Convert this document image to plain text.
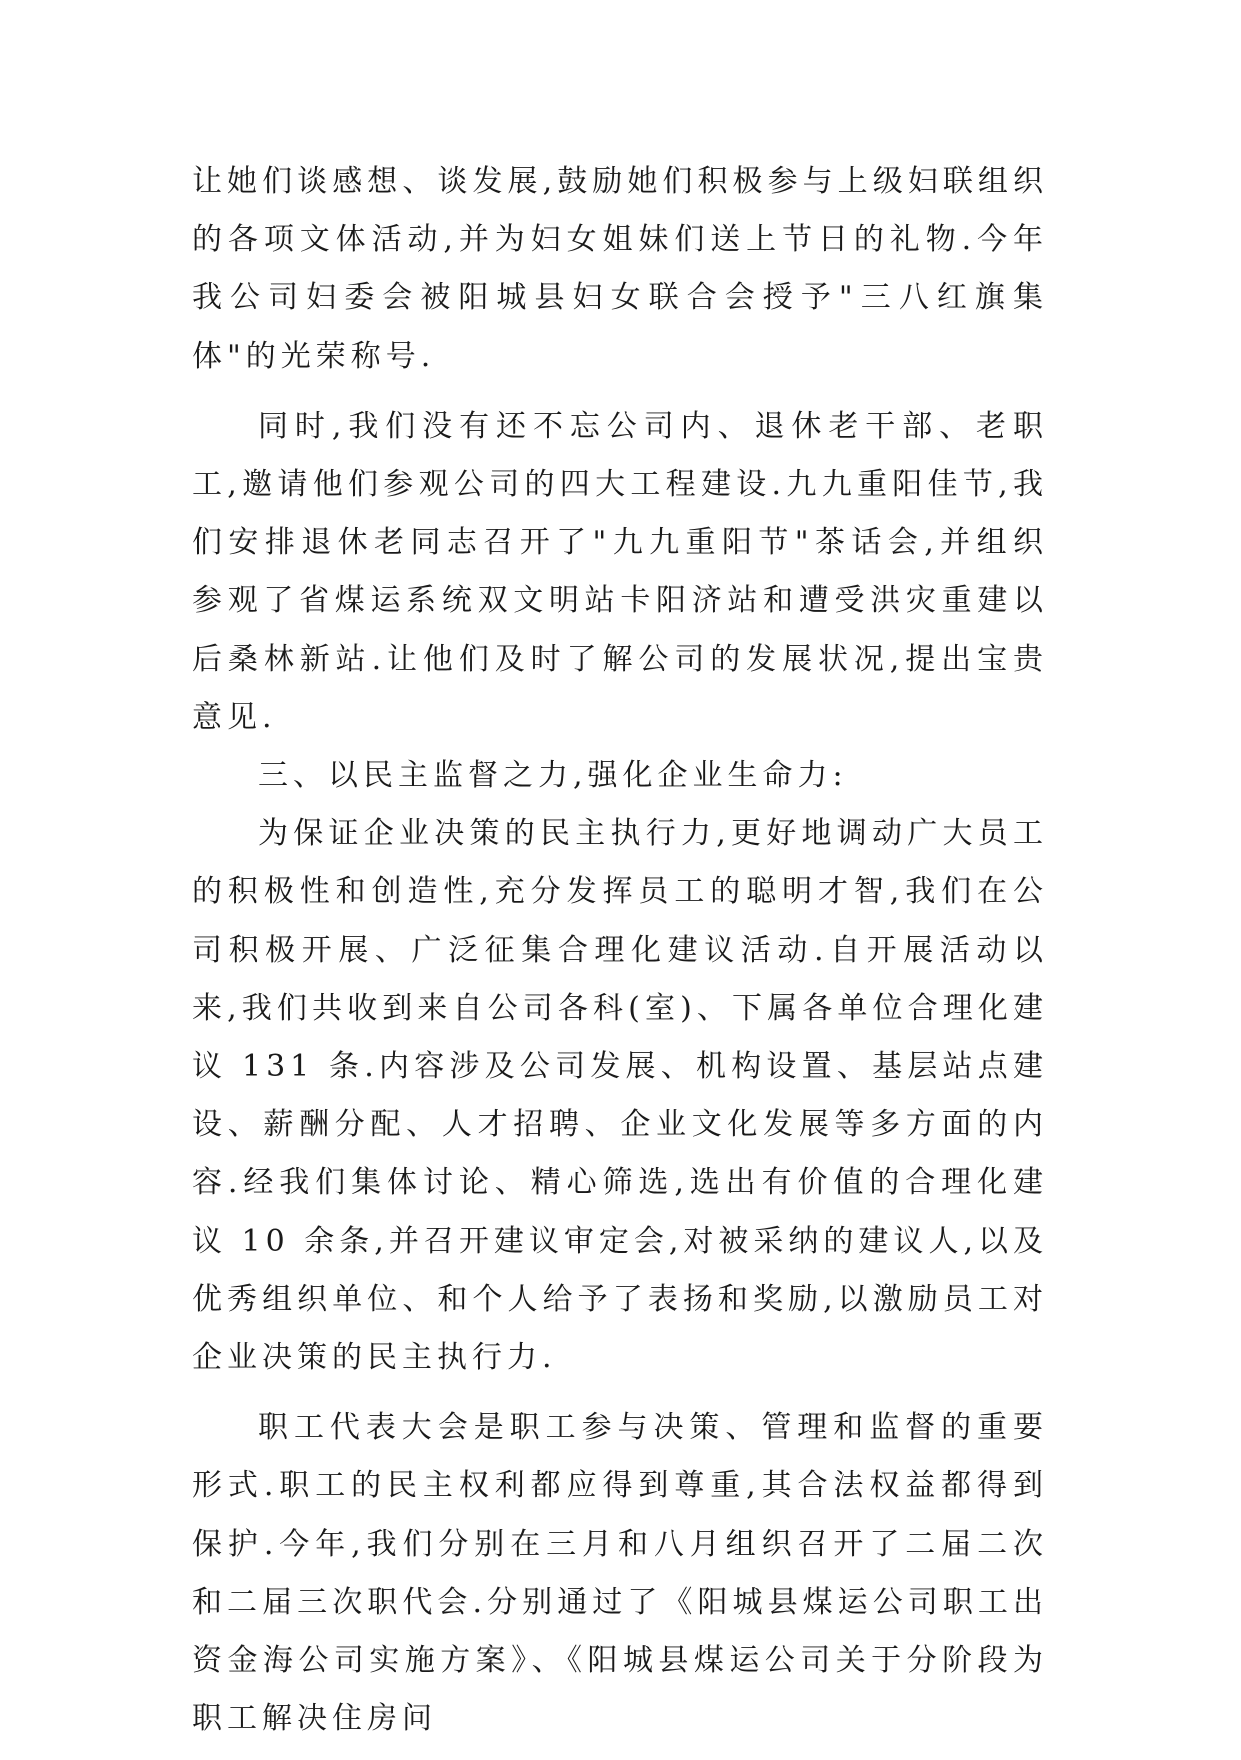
让她们谈感想、谈发展,鼓励她们积极参与上级妇联组织的各项文体活动,并为妇女姐妹们送上节日的礼物.今年我公司妇委会被阳城县妇女联合会授予"三八红旗集体"的光荣称号.

同时,我们没有还不忘公司内、退休老干部、老职工,邀请他们参观公司的四大工程建设.九九重阳佳节,我们安排退休老同志召开了"九九重阳节"茶话会,并组织参观了省煤运系统双文明站卡阳济站和遭受洪灾重建以后桑林新站.让他们及时了解公司的发展状况,提出宝贵意见.

三、以民主监督之力,强化企业生命力:

为保证企业决策的民主执行力,更好地调动广大员工的积极性和创造性,充分发挥员工的聪明才智,我们在公司积极开展、广泛征集合理化建议活动.自开展活动以来,我们共收到来自公司各科(室)、下属各单位合理化建议 131 条.内容涉及公司发展、机构设置、基层站点建设、薪酬分配、人才招聘、企业文化发展等多方面的内容.经我们集体讨论、精心筛选,选出有价值的合理化建议 10 余条,并召开建议审定会,对被采纳的建议人,以及优秀组织单位、和个人给予了表扬和奖励,以激励员工对企业决策的民主执行力.

职工代表大会是职工参与决策、管理和监督的重要形式.职工的民主权利都应得到尊重,其合法权益都得到保护.今年,我们分别在三月和八月组织召开了二届二次和二届三次职代会.分别通过了《阳城县煤运公司职工出资金海公司实施方案》、《阳城县煤运公司关于分阶段为职工解决住房问
